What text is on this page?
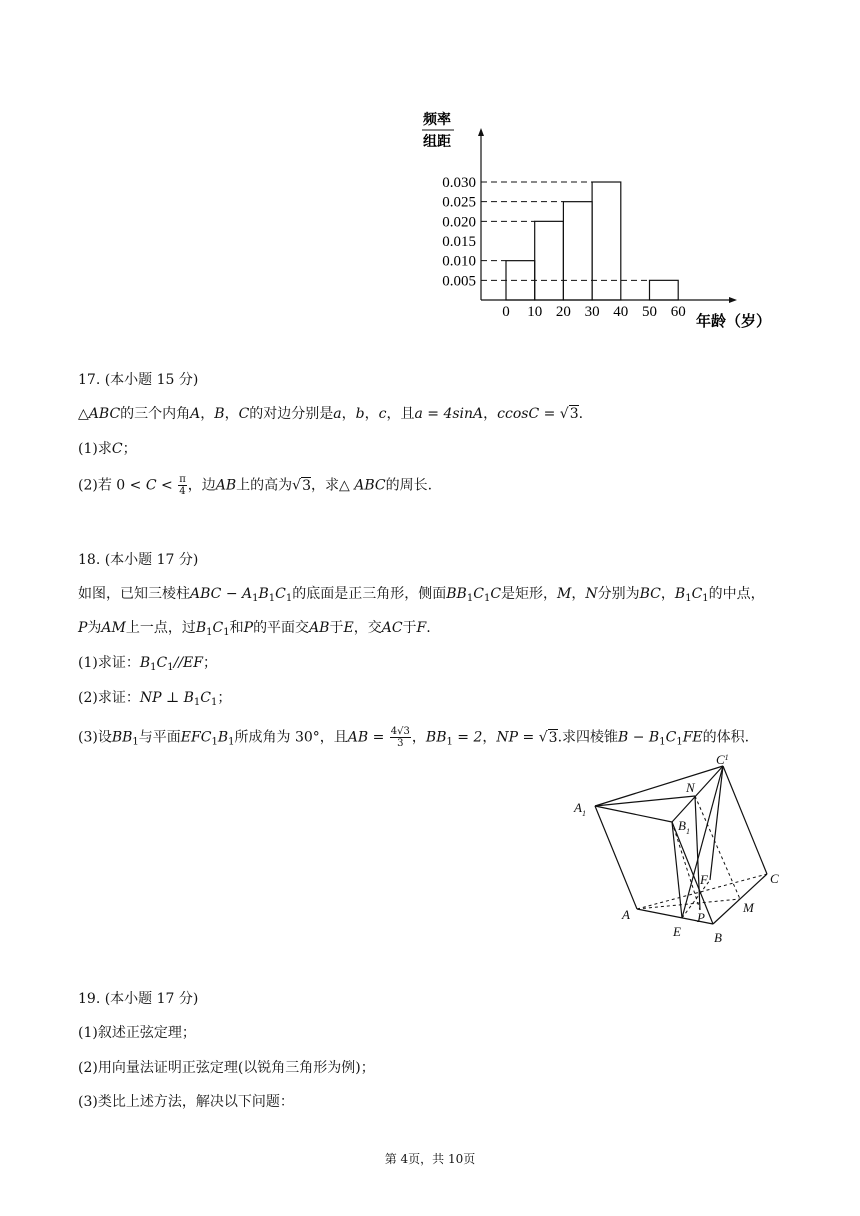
频率
组距
0.030
0.025
0.020
0.015
0.010
0.005
0 10 20 30 40 50 60
年龄（岁）
17. (本小题 15 分)
△ABC的三个内角A，B，C的对边分别是a，b，c，且a = 4sinA，ccosC = √3.
(1)求C；
(2)若 $0 < C < \frac{\pi}{4}$ ，边AB上的高为√3，求△ ABC的周长.
18. (本小题 17 分)
如图，已知三棱柱ABC − $A_1B_1C_1$的底面是正三角形，侧面$BB_1C_1C$是矩形，M，N分别为BC，$B_1C_1$的中点，
P为AM上一点，过$B_1C_1$和P的平面交AB于E，交AC于F.
(1)求证：$B_1C_1//EF$；
(2)求证：NP ⊥ $B_1C_1$；
(3)设$BB_1$与平面$EFC_1B_1$所成角为 30°，且AB = $\frac{4√3}{3}$ ，$BB_1 = 2$，NP = √3.求四棱锥$B - B_1C_1FE$的体积.
$A_1$
$C^1$
N
$B_1$
F	C
A	P
M
E	B
19. (本小题 17 分)
(1)叙述正弦定理；
(2)用向量法证明正弦定理(以锐角三角形为例)；
(3)类比上述方法，解决以下问题：
第 4页，共 10页
